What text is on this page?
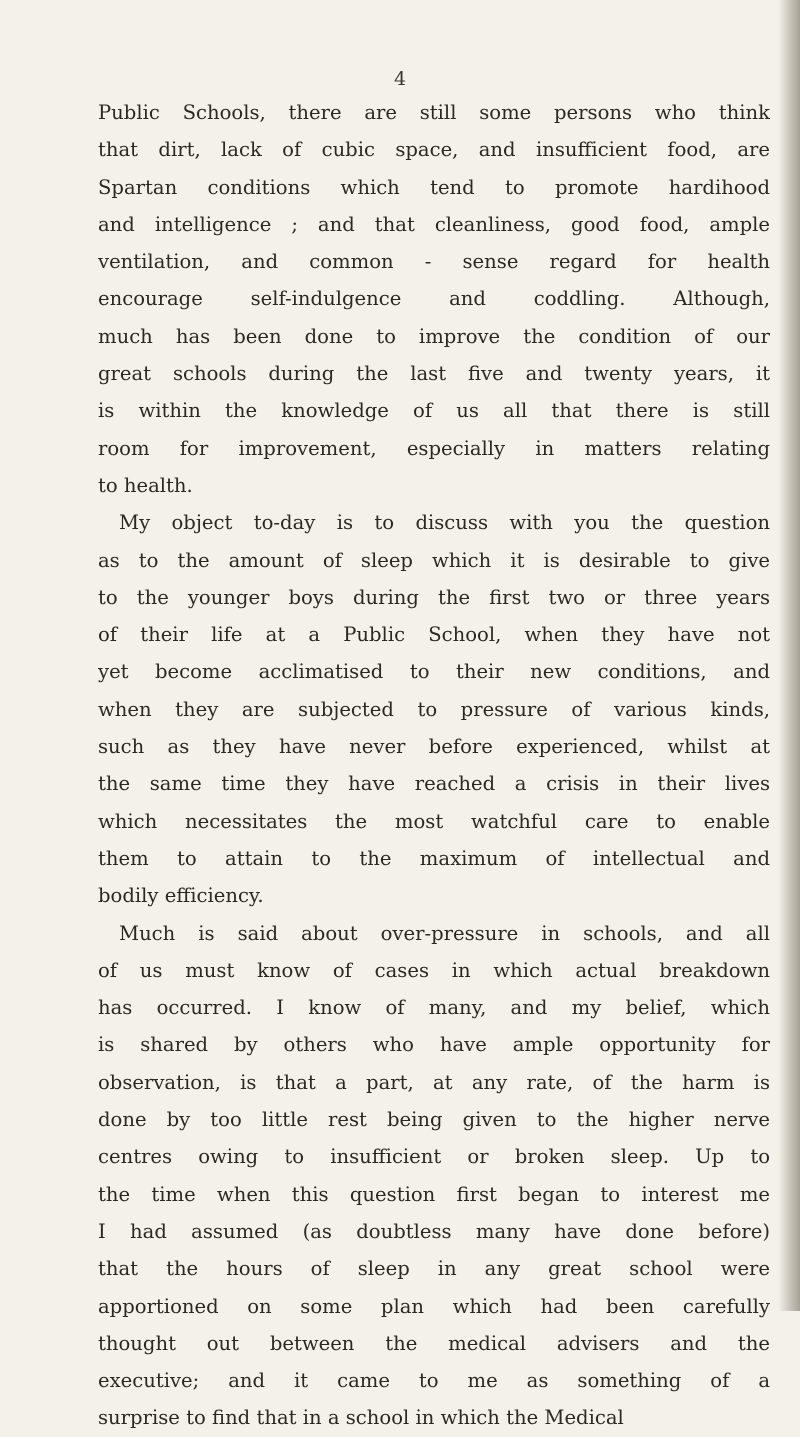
4
Public Schools, there are still some persons who think
that dirt, lack of cubic space, and insufficient food, are
Spartan conditions which tend to promote hardihood
and intelligence ; and that cleanliness, good food, ample
ventilation, and common - sense regard for health
encourage self-indulgence and coddling. Although,
much has been done to improve the condition of our
great schools during the last five and twenty years, it
is within the knowledge of us all that there is still
room for improvement, especially in matters relating
to health.
My object to-day is to discuss with you the question
as to the amount of sleep which it is desirable to give
to the younger boys during the first two or three years
of their life at a Public School, when they have not
yet become acclimatised to their new conditions, and
when they are subjected to pressure of various kinds,
such as they have never before experienced, whilst at
the same time they have reached a crisis in their lives
which necessitates the most watchful care to enable
them to attain to the maximum of intellectual and
bodily efficiency.
Much is said about over-pressure in schools, and all
of us must know of cases in which actual breakdown
has occurred. I know of many, and my belief, which
is shared by others who have ample opportunity for
observation, is that a part, at any rate, of the harm is
done by too little rest being given to the higher nerve
centres owing to insufficient or broken sleep. Up to
the time when this question first began to interest me
I had assumed (as doubtless many have done before)
that the hours of sleep in any great school were
apportioned on some plan which had been carefully
thought out between the medical advisers and the
executive; and it came to me as something of a
surprise to find that in a school in which the Medical
